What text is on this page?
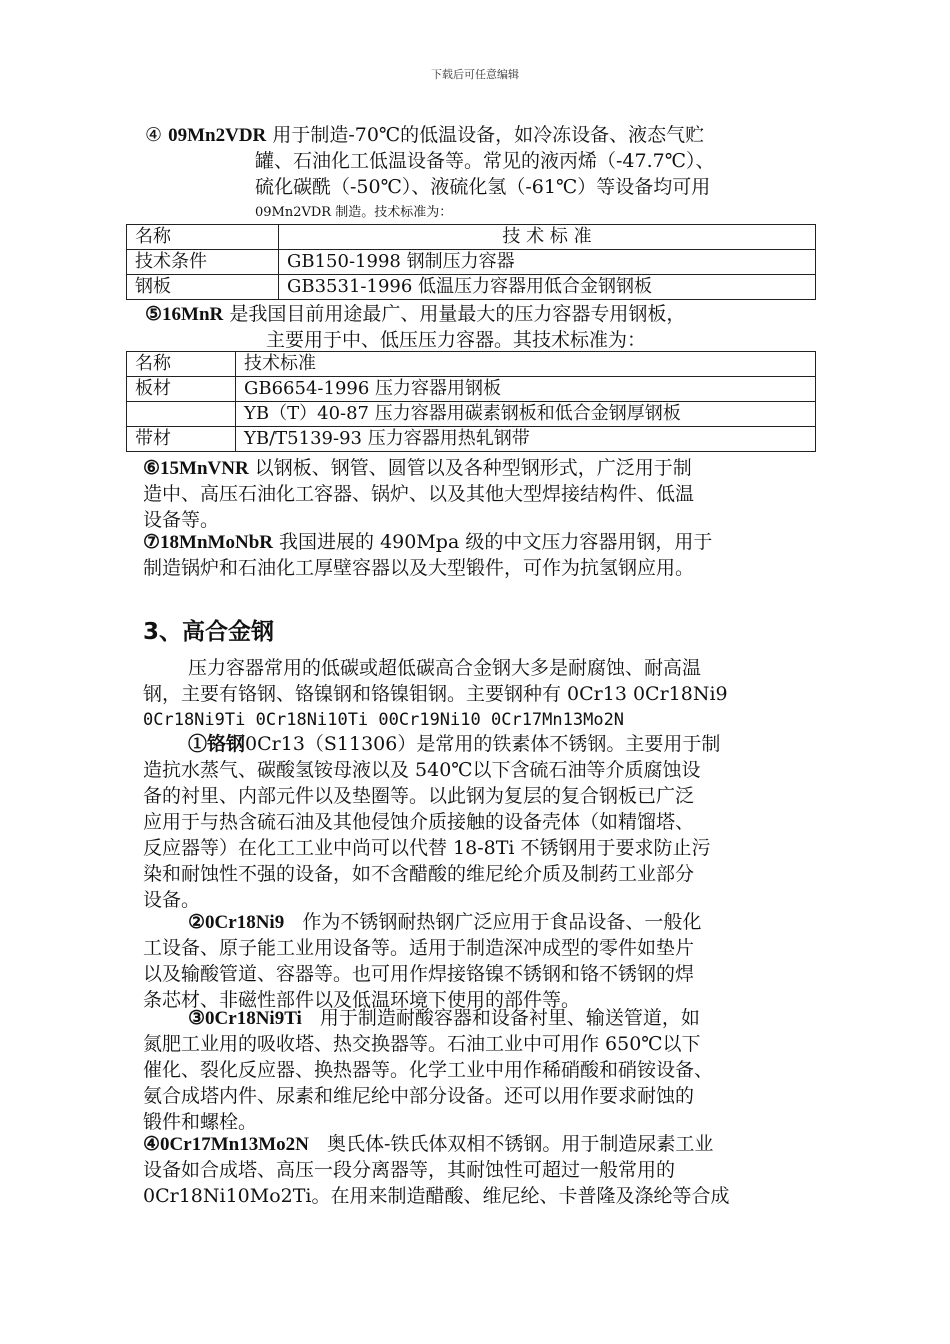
下载后可任意编辑
④ 09Mn2VDR 用于制造-70℃的低温设备，如冷冻设备、液态气贮
罐、石油化工低温设备等。常见的液丙烯（-47.7℃）、
硫化碳酰（-50℃）、液硫化氢（-61℃）等设备均可用
09Mn2VDR 制造。技术标准为：
名称	技 术 标 准
技术条件	GB150-1998 钢制压力容器
钢板	GB3531-1996 低温压力容器用低合金钢钢板
⑤16MnR 是我国目前用途最广、用量最大的压力容器专用钢板，
主要用于中、低压压力容器。其技术标准为：
名称	技术标准
板材	GB6654-1996 压力容器用钢板
	YB（T）40-87 压力容器用碳素钢板和低合金钢厚钢板
带材	YB/T5139-93 压力容器用热轧钢带
⑥15MnVNR 以钢板、钢管、圆管以及各种型钢形式，广泛用于制
造中、高压石油化工容器、锅炉、以及其他大型焊接结构件、低温
设备等。
⑦18MnMoNbR 我国进展的 490Mpa 级的中文压力容器用钢，用于
制造锅炉和石油化工厚壁容器以及大型锻件，可作为抗氢钢应用。
3、高合金钢
压力容器常用的低碳或超低碳高合金钢大多是耐腐蚀、耐高温
钢，主要有铬钢、铬镍钢和铬镍钼钢。主要钢种有 0Cr13 0Cr18Ni9
0Cr18Ni9Ti 0Cr18Ni10Ti 00Cr19Ni10 0Cr17Mn13Mo2N
①铬钢0Cr13（S11306）是常用的铁素体不锈钢。主要用于制
造抗水蒸气、碳酸氢铵母液以及 540℃以下含硫石油等介质腐蚀设
备的衬里、内部元件以及垫圈等。以此钢为复层的复合钢板已广泛
应用于与热含硫石油及其他侵蚀介质接触的设备壳体（如精馏塔、
反应器等）在化工工业中尚可以代替 18-8Ti 不锈钢用于要求防止污
染和耐蚀性不强的设备，如不含醋酸的维尼纶介质及制药工业部分
设备。
②0Cr18Ni9 作为不锈钢耐热钢广泛应用于食品设备、一般化
工设备、原子能工业用设备等。适用于制造深冲成型的零件如垫片
以及输酸管道、容器等。也可用作焊接铬镍不锈钢和铬不锈钢的焊
条芯材、非磁性部件以及低温环境下使用的部件等。
③0Cr18Ni9Ti 用于制造耐酸容器和设备衬里、输送管道，如
氮肥工业用的吸收塔、热交换器等。石油工业中可用作 650℃以下
催化、裂化反应器、换热器等。化学工业中用作稀硝酸和硝铵设备、
氨合成塔内件、尿素和维尼纶中部分设备。还可以用作要求耐蚀的
锻件和螺栓。
④0Cr17Mn13Mo2N 奥氏体-铁氏体双相不锈钢。用于制造尿素工业
设备如合成塔、高压一段分离器等，其耐蚀性可超过一般常用的
0Cr18Ni10Mo2Ti。在用来制造醋酸、维尼纶、卡普隆及涤纶等合成
